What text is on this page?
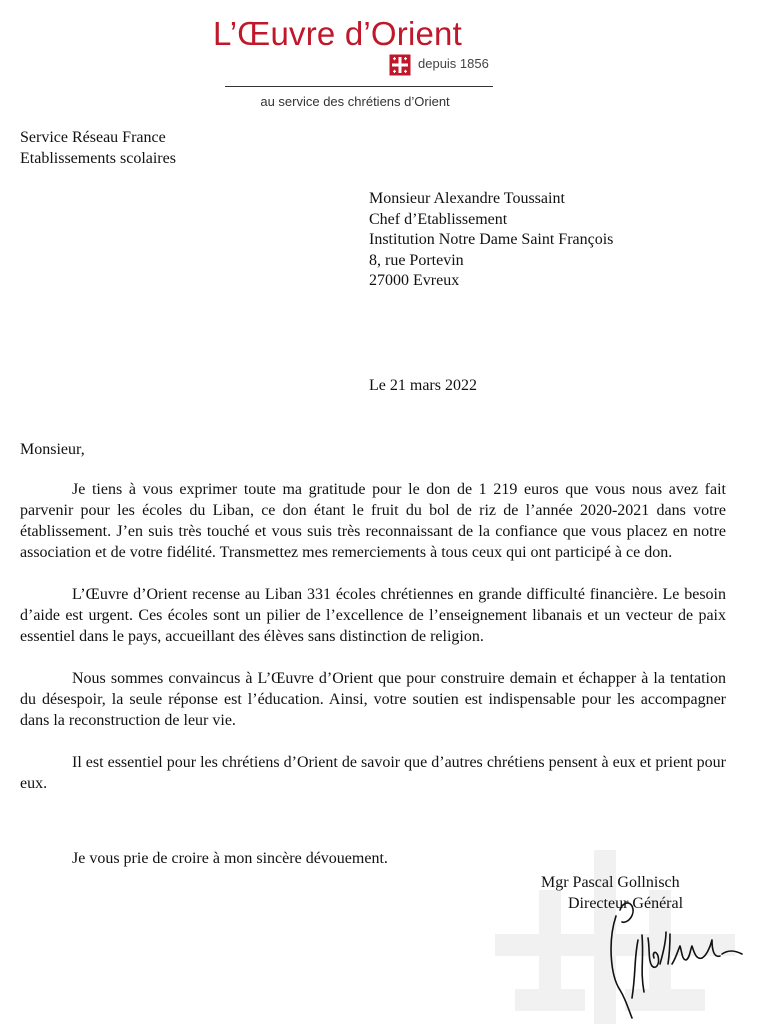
L’Œuvre d’Orient
depuis 1856
au service des chrétiens d’Orient
Service Réseau France
Etablissements scolaires
Monsieur Alexandre Toussaint
Chef d’Etablissement
Institution Notre Dame Saint François
8, rue Portevin
27000 Evreux
Le 21 mars 2022
Monsieur,

Je tiens à vous exprimer toute ma gratitude pour le don de 1 219 euros que vous nous avez fait parvenir pour les écoles du Liban, ce don étant le fruit du bol de riz de l’année 2020-2021 dans votre établissement. J’en suis très touché et vous suis très reconnaissant de la confiance que vous placez en notre association et de votre fidélité. Transmettez mes remerciements à tous ceux qui ont participé à ce don.

L’Œuvre d’Orient recense au Liban 331 écoles chrétiennes en grande difficulté financière. Le besoin d’aide est urgent. Ces écoles sont un pilier de l’excellence de l’enseignement libanais et un vecteur de paix essentiel dans le pays, accueillant des élèves sans distinction de religion.

Nous sommes convaincus à L’Œuvre d’Orient que pour construire demain et échapper à la tentation du désespoir, la seule réponse est l’éducation. Ainsi, votre soutien est indispensable pour les accompagner dans la reconstruction de leur vie.

Il est essentiel pour les chrétiens d’Orient de savoir que d’autres chrétiens pensent à eux et prient pour eux.

Je vous prie de croire à mon sincère dévouement.
Mgr Pascal Gollnisch
Directeur Général
